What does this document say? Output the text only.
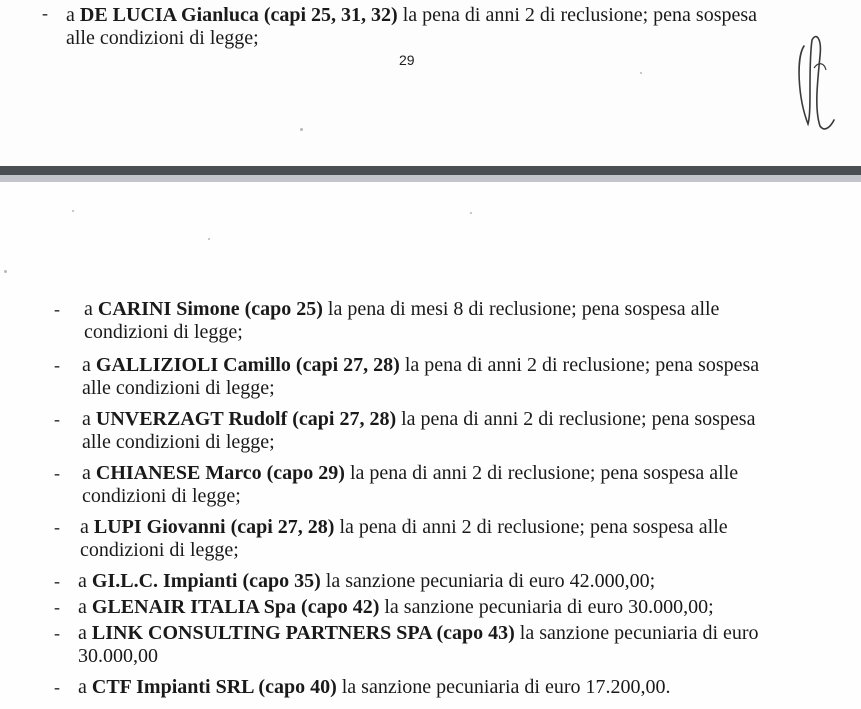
- a DE LUCIA Gianluca (capi 25, 31, 32) la pena di anni 2 di reclusione; pena sospesa
alle condizioni di legge;
29
- a CARINI Simone (capo 25) la pena di mesi 8 di reclusione; pena sospesa alle
condizioni di legge;
- a GALLIZIOLI Camillo (capi 27, 28) la pena di anni 2 di reclusione; pena sospesa
alle condizioni di legge;
- a UNVERZAGT Rudolf (capi 27, 28) la pena di anni 2 di reclusione; pena sospesa
alle condizioni di legge;
- a CHIANESE Marco (capo 29) la pena di anni 2 di reclusione; pena sospesa alle
condizioni di legge;
- a LUPI Giovanni (capi 27, 28) la pena di anni 2 di reclusione; pena sospesa alle
condizioni di legge;
- a GI.L.C. Impianti (capo 35) la sanzione pecuniaria di euro 42.000,00;
- a GLENAIR ITALIA Spa (capo 42) la sanzione pecuniaria di euro 30.000,00;
- a LINK CONSULTING PARTNERS SPA (capo 43) la sanzione pecuniaria di euro
30.000,00
- a CTF Impianti SRL (capo 40) la sanzione pecuniaria di euro 17.200,00.
